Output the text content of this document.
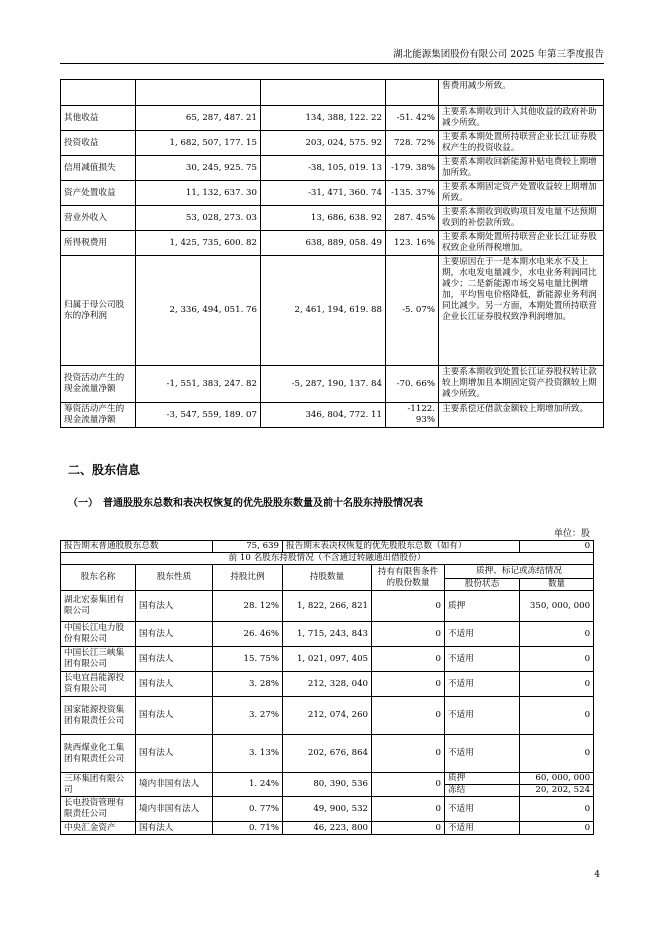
湖北能源集团股份有限公司 2025 年第三季度报告
				售费用减少所致。
其他收益	65, 287, 487. 21	134, 388, 122. 22	-51. 42%	主要系本期收到计入其他收益的政府补助减少所致。
投资收益	1, 682, 507, 177. 15	203, 024, 575. 92	728. 72%	主要系本期处置所持联营企业长江证券股权产生的投资收益。
信用减值损失	30, 245, 925. 75	-38, 105, 019. 13	-179. 38%	主要系本期收回新能源补贴电费较上期增加所致。
资产处置收益	11, 132, 637. 30	-31, 471, 360. 74	-135. 37%	主要系本期固定资产处置收益较上期增加所致。
营业外收入	53, 028, 273. 03	13, 686, 638. 92	287. 45%	主要系本期收到收购项目发电量不达预期收到的补偿款所致。
所得税费用	1, 425, 735, 600. 82	638, 889, 058. 49	123. 16%	主要系本期处置所持联营企业长江证券股权致企业所得税增加。
归属于母公司股东的净利润	2, 336, 494, 051. 76	2, 461, 194, 619. 88	-5. 07%	主要原因在于一是本期水电来水不及上期，水电发电量减少，水电业务利润同比减少；二是新能源市场交易电量比例增加，平均售电价格降低，新能源业务利润同比减少。另一方面，本期处置所持联营企业长江证券股权致净利润增加。
投资活动产生的现金流量净额	-1, 551, 383, 247. 82	-5, 287, 190, 137. 84	-70. 66%	主要系本期收到处置长江证券股权转让款较上期增加且本期固定资产投资额较上期减少所致。
筹资活动产生的现金流量净额	-3, 547, 559, 189. 07	346, 804, 772. 11	-1122. 93%	主要系偿还借款金额较上期增加所致。
二、股东信息
（一）　普通股股东总数和表决权恢复的优先股股东数量及前十名股东持股情况表
单位：股
报告期末普通股股东总数		75, 639	报告期末表决权恢复的优先股股东总数（如有）			0
前 10 名股东持股情况（不含通过转融通出借股份）						
股东名称	股东性质	持股比例	持股数量	持有有限售条件的股份数量	质押、标记或冻结情况	
					股份状态	数量
湖北宏泰集团有限公司	国有法人	28. 12%	1, 822, 266, 821	0	质押	350, 000, 000
中国长江电力股份有限公司	国有法人	26. 46%	1, 715, 243, 843	0	不适用	0
中国长江三峡集团有限公司	国有法人	15. 75%	1, 021, 097, 405	0	不适用	0
长电宜昌能源投资有限公司	国有法人	3. 28%	212, 328, 040	0	不适用	0
国家能源投资集团有限责任公司	国有法人	3. 27%	212, 074, 260	0	不适用	0
陕西煤业化工集团有限责任公司	国有法人	3. 13%	202, 676, 864	0	不适用	0
三环集团有限公司	境内非国有法人	1. 24%	80, 390, 536	0	质押	60, 000, 000
					冻结	20, 202, 524
长电投资管理有限责任公司	境内非国有法人	0. 77%	49, 900, 532	0	不适用	0
中央汇金资产	国有法人	0. 71%	46, 223, 800	0	不适用	0
4
